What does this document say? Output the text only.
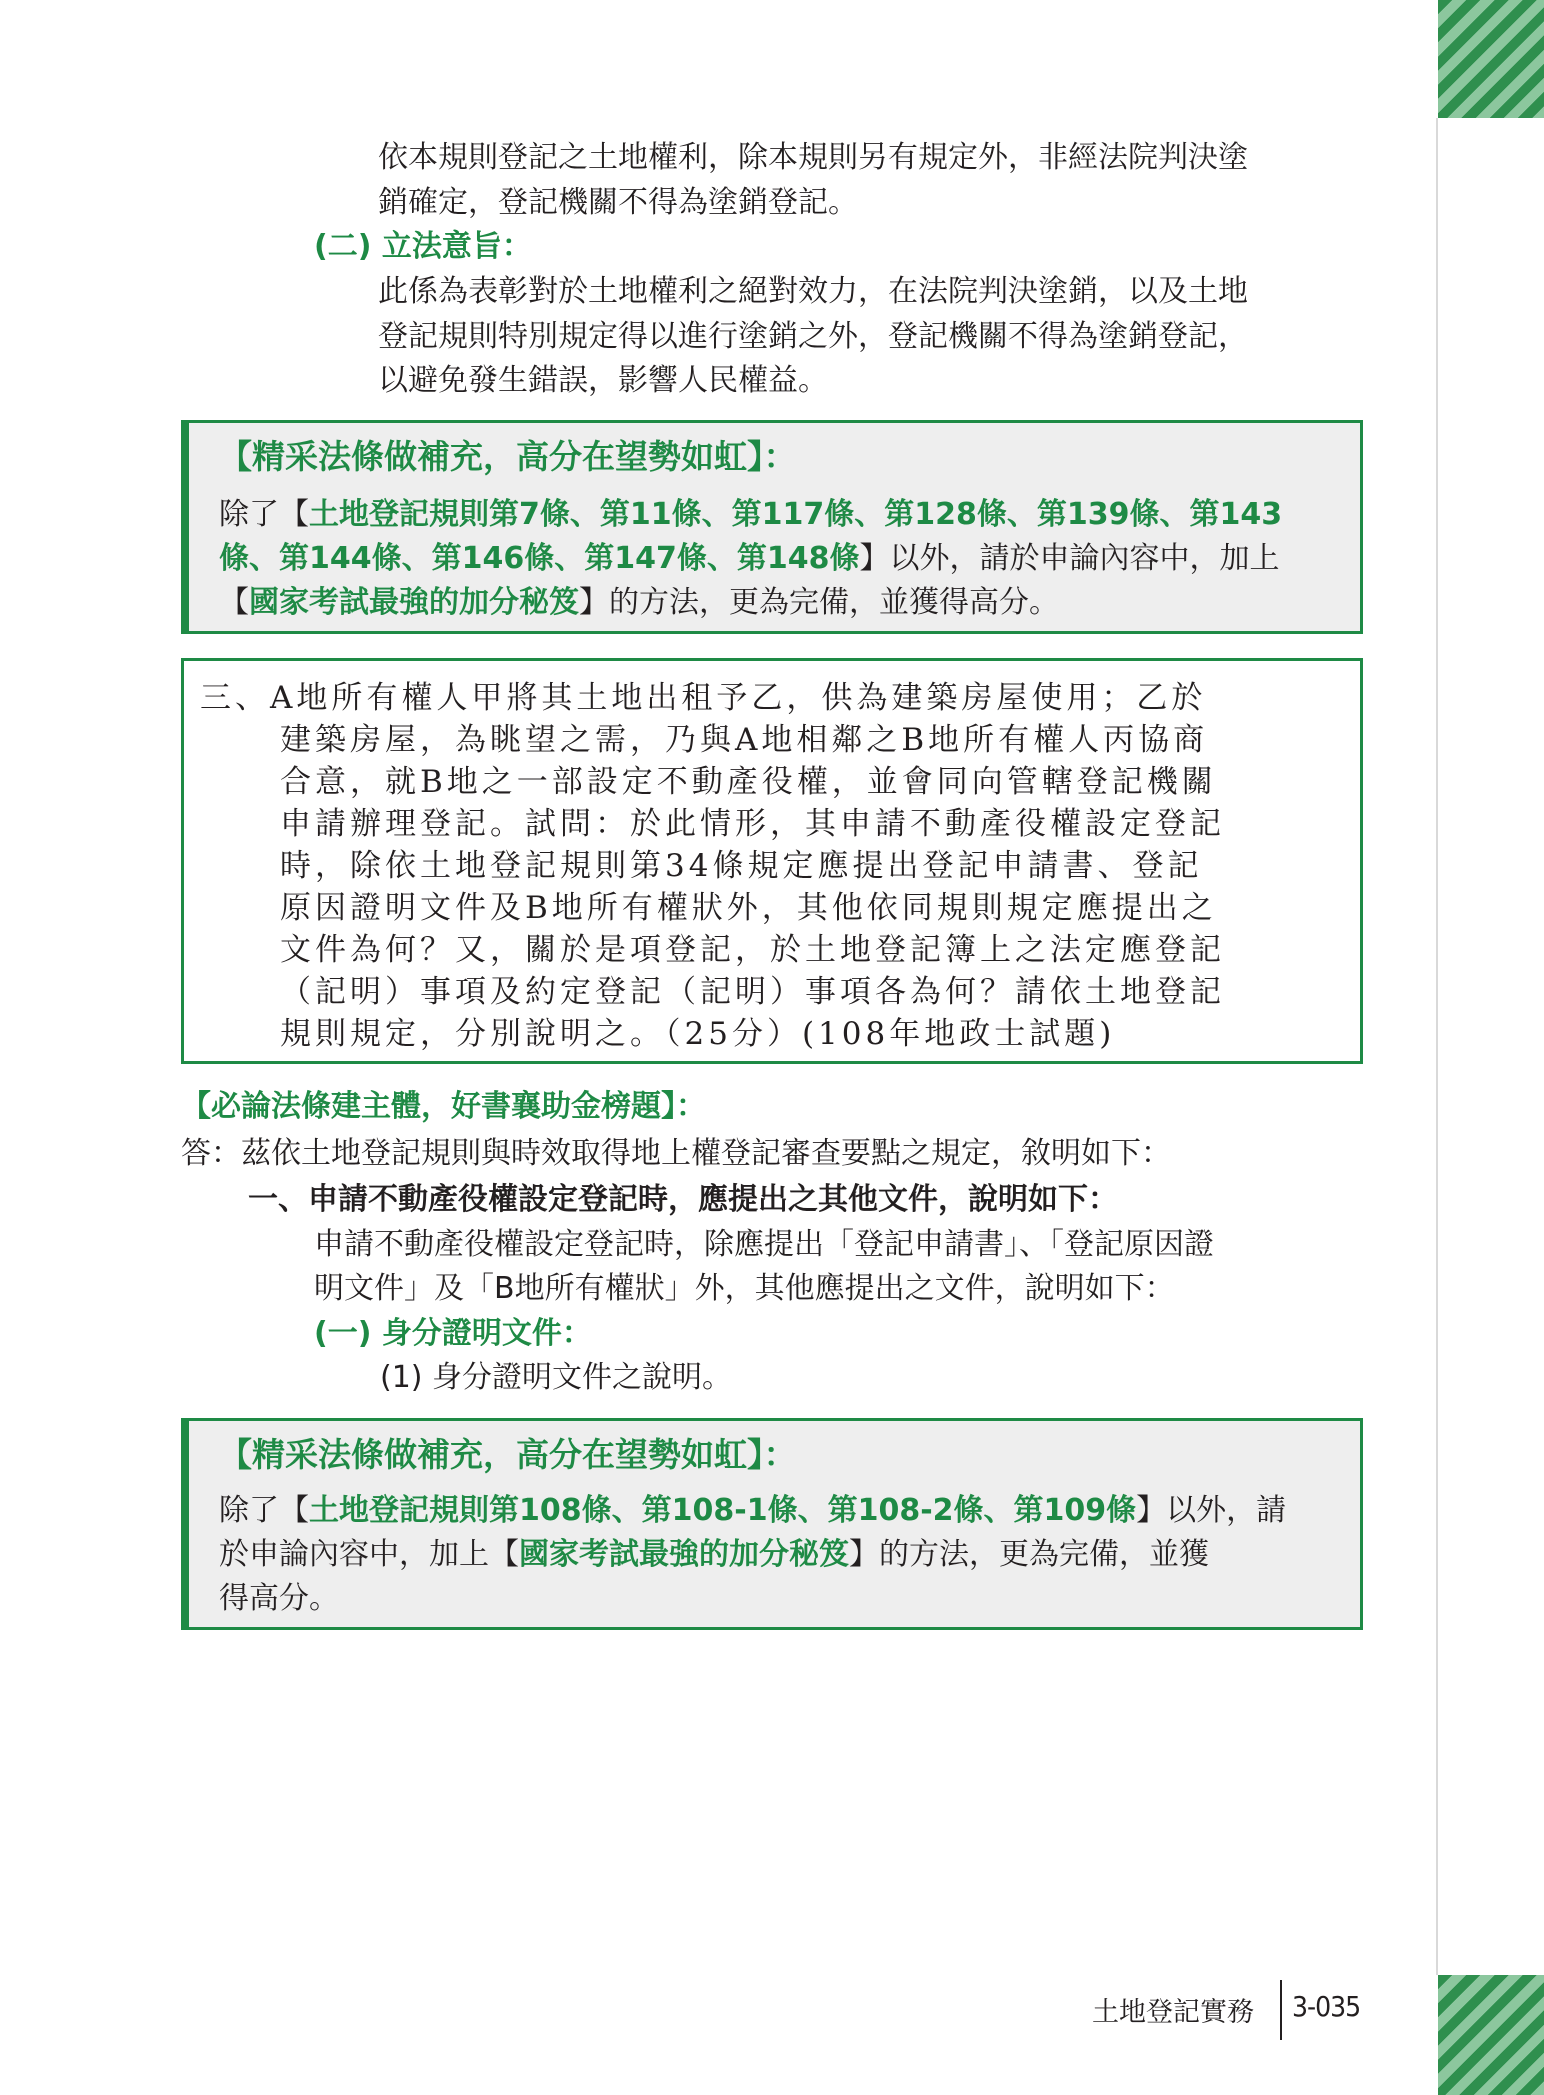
依本規則登記之土地權利，除本規則另有規定外，非經法院判決塗
銷確定，登記機關不得為塗銷登記。
(二) 立法意旨：
此係為表彰對於土地權利之絕對效力，在法院判決塗銷，以及土地
登記規則特別規定得以進行塗銷之外，登記機關不得為塗銷登記，
以避免發生錯誤，影響人民權益。
【精采法條做補充，高分在望勢如虹】：
除了【土地登記規則第7條、第11條、第117條、第128條、第139條、第143
條、第144條、第146條、第147條、第148條】以外，請於申論內容中，加上
【國家考試最強的加分秘笈】的方法，更為完備，並獲得高分。
三、A地所有權人甲將其土地出租予乙，供為建築房屋使用；乙於
建築房屋，為眺望之需，乃與A地相鄰之B地所有權人丙協商
合意，就B地之一部設定不動產役權，並會同向管轄登記機關
申請辦理登記。試問：於此情形，其申請不動產役權設定登記
時，除依土地登記規則第34條規定應提出登記申請書、登記
原因證明文件及B地所有權狀外，其他依同規則規定應提出之
文件為何？又，關於是項登記，於土地登記簿上之法定應登記
（記明）事項及約定登記（記明）事項各為何？請依土地登記
規則規定，分別說明之。（25分）(108年地政士試題)
【必論法條建主體，好書襄助金榜題】：
答：茲依土地登記規則與時效取得地上權登記審查要點之規定，敘明如下：
一、申請不動產役權設定登記時，應提出之其他文件，說明如下：
申請不動產役權設定登記時，除應提出「登記申請書」、「登記原因證
明文件」及「B地所有權狀」外，其他應提出之文件，說明如下：
(一) 身分證明文件：
(1) 身分證明文件之說明。
【精采法條做補充，高分在望勢如虹】：
除了【土地登記規則第108條、第108-1條、第108-2條、第109條】以外，請
於申論內容中，加上【國家考試最強的加分秘笈】的方法，更為完備，並獲
得高分。
土地登記實務 3-035
